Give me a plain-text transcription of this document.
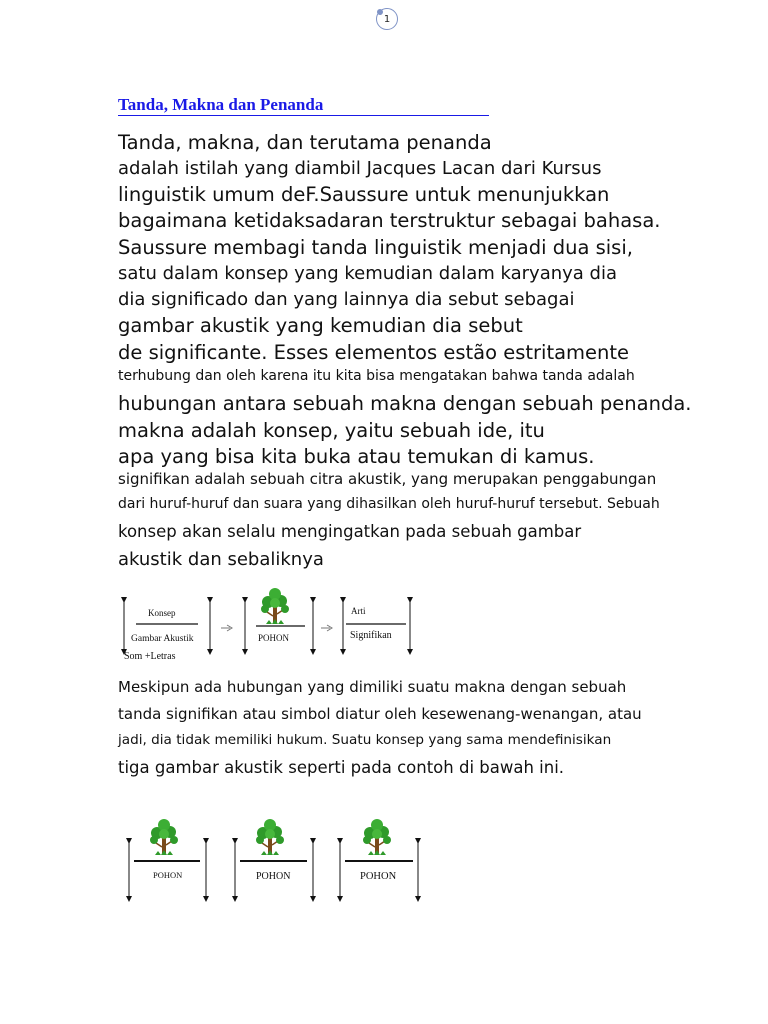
1
Tanda, Makna dan Penanda
Tanda, makna, dan terutama penanda
adalah istilah yang diambil Jacques Lacan dari Kursus
linguistik umum deF.Saussure untuk menunjukkan
bagaimana ketidaksadaran terstruktur sebagai bahasa.
Saussure membagi tanda linguistik menjadi dua sisi,
satu dalam konsep yang kemudian dalam karyanya dia
dia significado dan yang lainnya dia sebut sebagai
gambar akustik yang kemudian dia sebut
de significante. Esses elementos estão estritamente
terhubung dan oleh karena itu kita bisa mengatakan bahwa tanda adalah
hubungan antara sebuah makna dengan sebuah penanda.
makna adalah konsep, yaitu sebuah ide, itu
apa yang bisa kita buka atau temukan di kamus.
signifikan adalah sebuah citra akustik, yang merupakan penggabungan
dari huruf-huruf dan suara yang dihasilkan oleh huruf-huruf tersebut. Sebuah
konsep akan selalu mengingatkan pada sebuah gambar
akustik dan sebaliknya
Konsep
Gambar Akustik
Som +Letras
POHON
Arti
Signifikan
Meskipun ada hubungan yang dimiliki suatu makna dengan sebuah
tanda signifikan atau simbol diatur oleh kesewenang-wenangan, atau
jadi, dia tidak memiliki hukum. Suatu konsep yang sama mendefinisikan
tiga gambar akustik seperti pada contoh di bawah ini.
POHON	POHON	POHON
